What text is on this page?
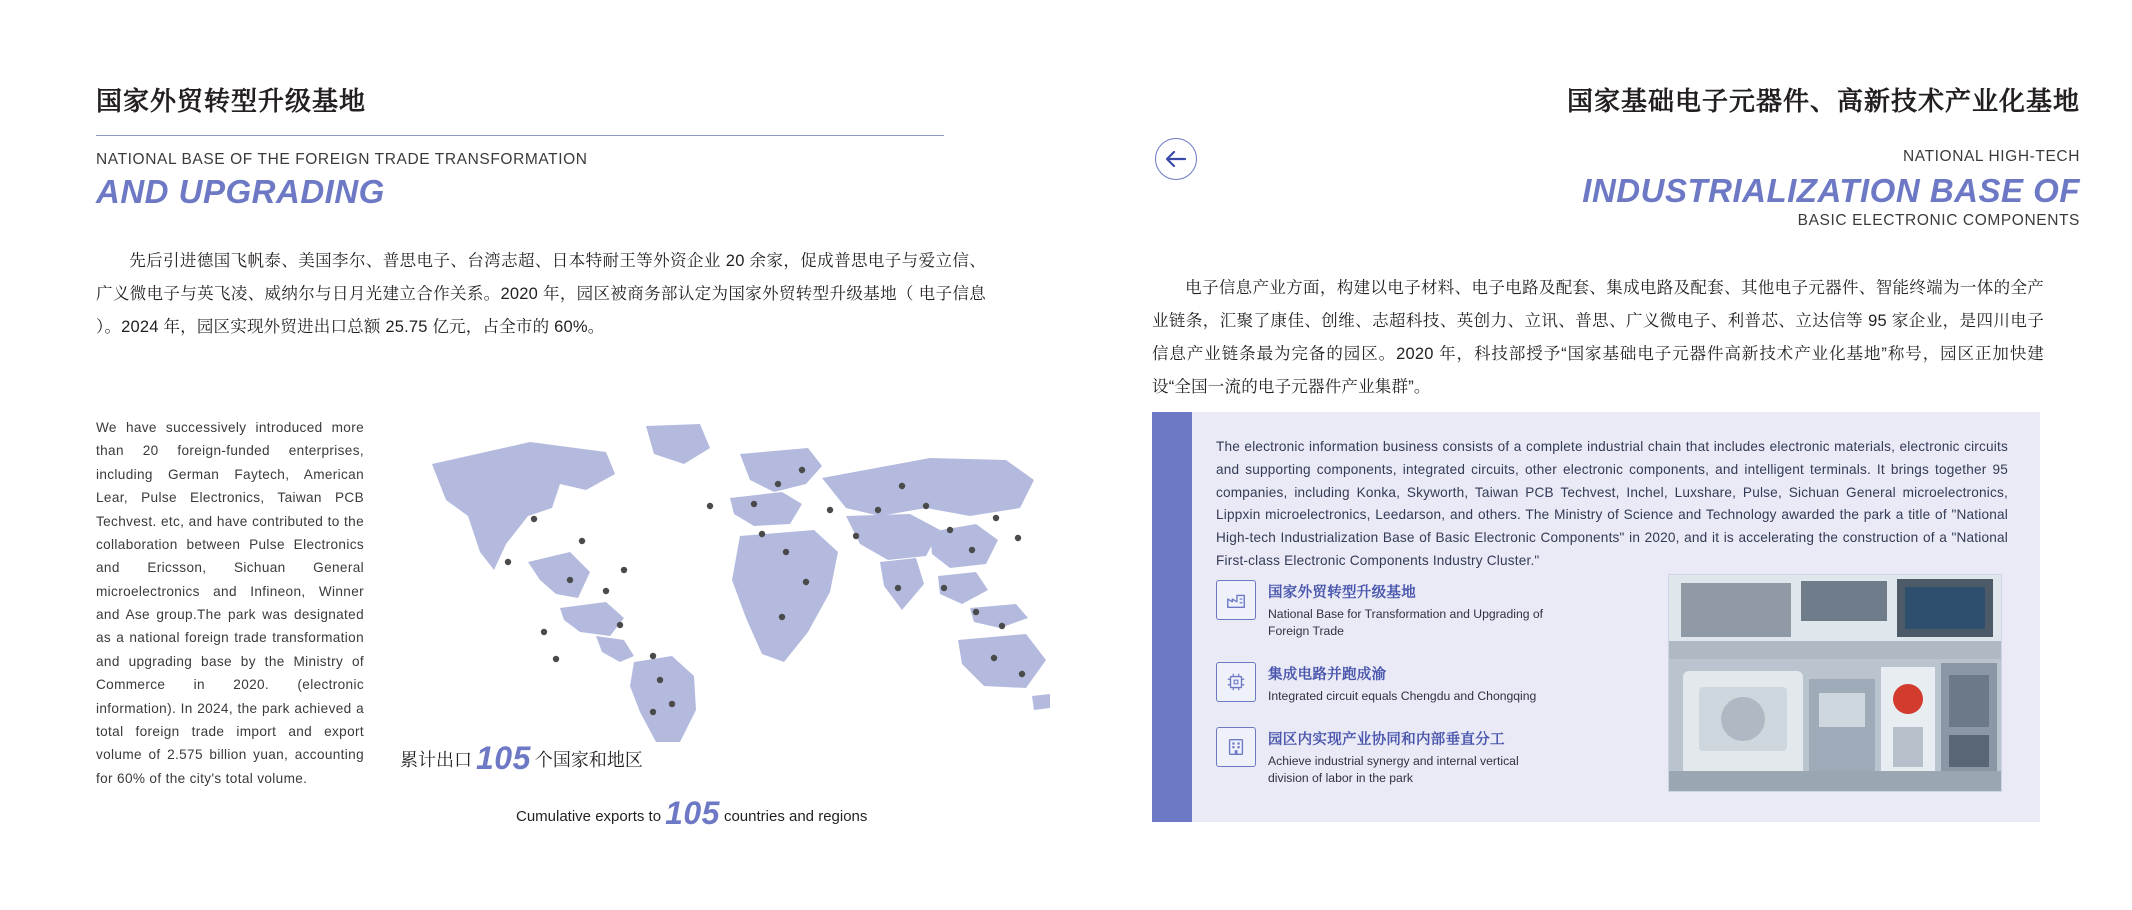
国家外贸转型升级基地
NATIONAL BASE OF THE FOREIGN TRADE TRANSFORMATION
AND UPGRADING
先后引进德国飞帆泰、美国李尔、普思电子、台湾志超、日本特耐王等外资企业 20 余家，促成普思电子与爱立信、广义微电子与英飞凌、威纳尔与日月光建立合作关系。2020 年，园区被商务部认定为国家外贸转型升级基地（ 电子信息 ）。2024 年，园区实现外贸进出口总额 25.75 亿元，占全市的 60%。
We have successively introduced more than 20 foreign-funded enterprises, including German Faytech, American Lear, Pulse Electronics, Taiwan PCB Techvest. etc, and have contributed to the collaboration between Pulse Electronics and Ericsson, Sichuan General microelectronics and Infineon, Winner and Ase group.The park was designated as a national foreign trade transformation and upgrading base by the Ministry of Commerce in 2020. (electronic information). In 2024, the park achieved a total foreign trade import and export volume of 2.575 billion yuan, accounting for 60% of the city's total volume.
累计出口 105 个国家和地区
Cumulative exports to 105 countries and regions
国家基础电子元器件、高新技术产业化基地
NATIONAL HIGH-TECH
INDUSTRIALIZATION BASE OF
BASIC ELECTRONIC COMPONENTS
电子信息产业方面，构建以电子材料、电子电路及配套、集成电路及配套、其他电子元器件、智能终端为一体的全产业链条，汇聚了康佳、创维、志超科技、英创力、立讯、普思、广义微电子、利普芯、立达信等 95 家企业，是四川电子信息产业链条最为完备的园区。2020 年，科技部授予“国家基础电子元器件高新技术产业化基地”称号，园区正加快建设“全国一流的电子元器件产业集群”。
The electronic information business consists of a complete industrial chain that includes electronic materials, electronic circuits and supporting components, integrated circuits, other electronic components, and intelligent terminals. It brings together 95 companies, including Konka, Skyworth, Taiwan PCB Techvest, Inchel, Luxshare, Pulse, Sichuan General microelectronics, Lippxin microelectronics, Leedarson, and others. The Ministry of Science and Technology awarded the park a title of "National High-tech Industrialization Base of Basic Electronic Components" in 2020, and it is accelerating the construction of a "National First-class Electronic Components Industry Cluster."
国家外贸转型升级基地
National Base for Transformation and Upgrading of Foreign Trade
集成电路并跑成渝
Integrated circuit equals Chengdu and Chongqing
园区内实现产业协同和内部垂直分工
Achieve industrial synergy and internal vertical division of labor in the park
